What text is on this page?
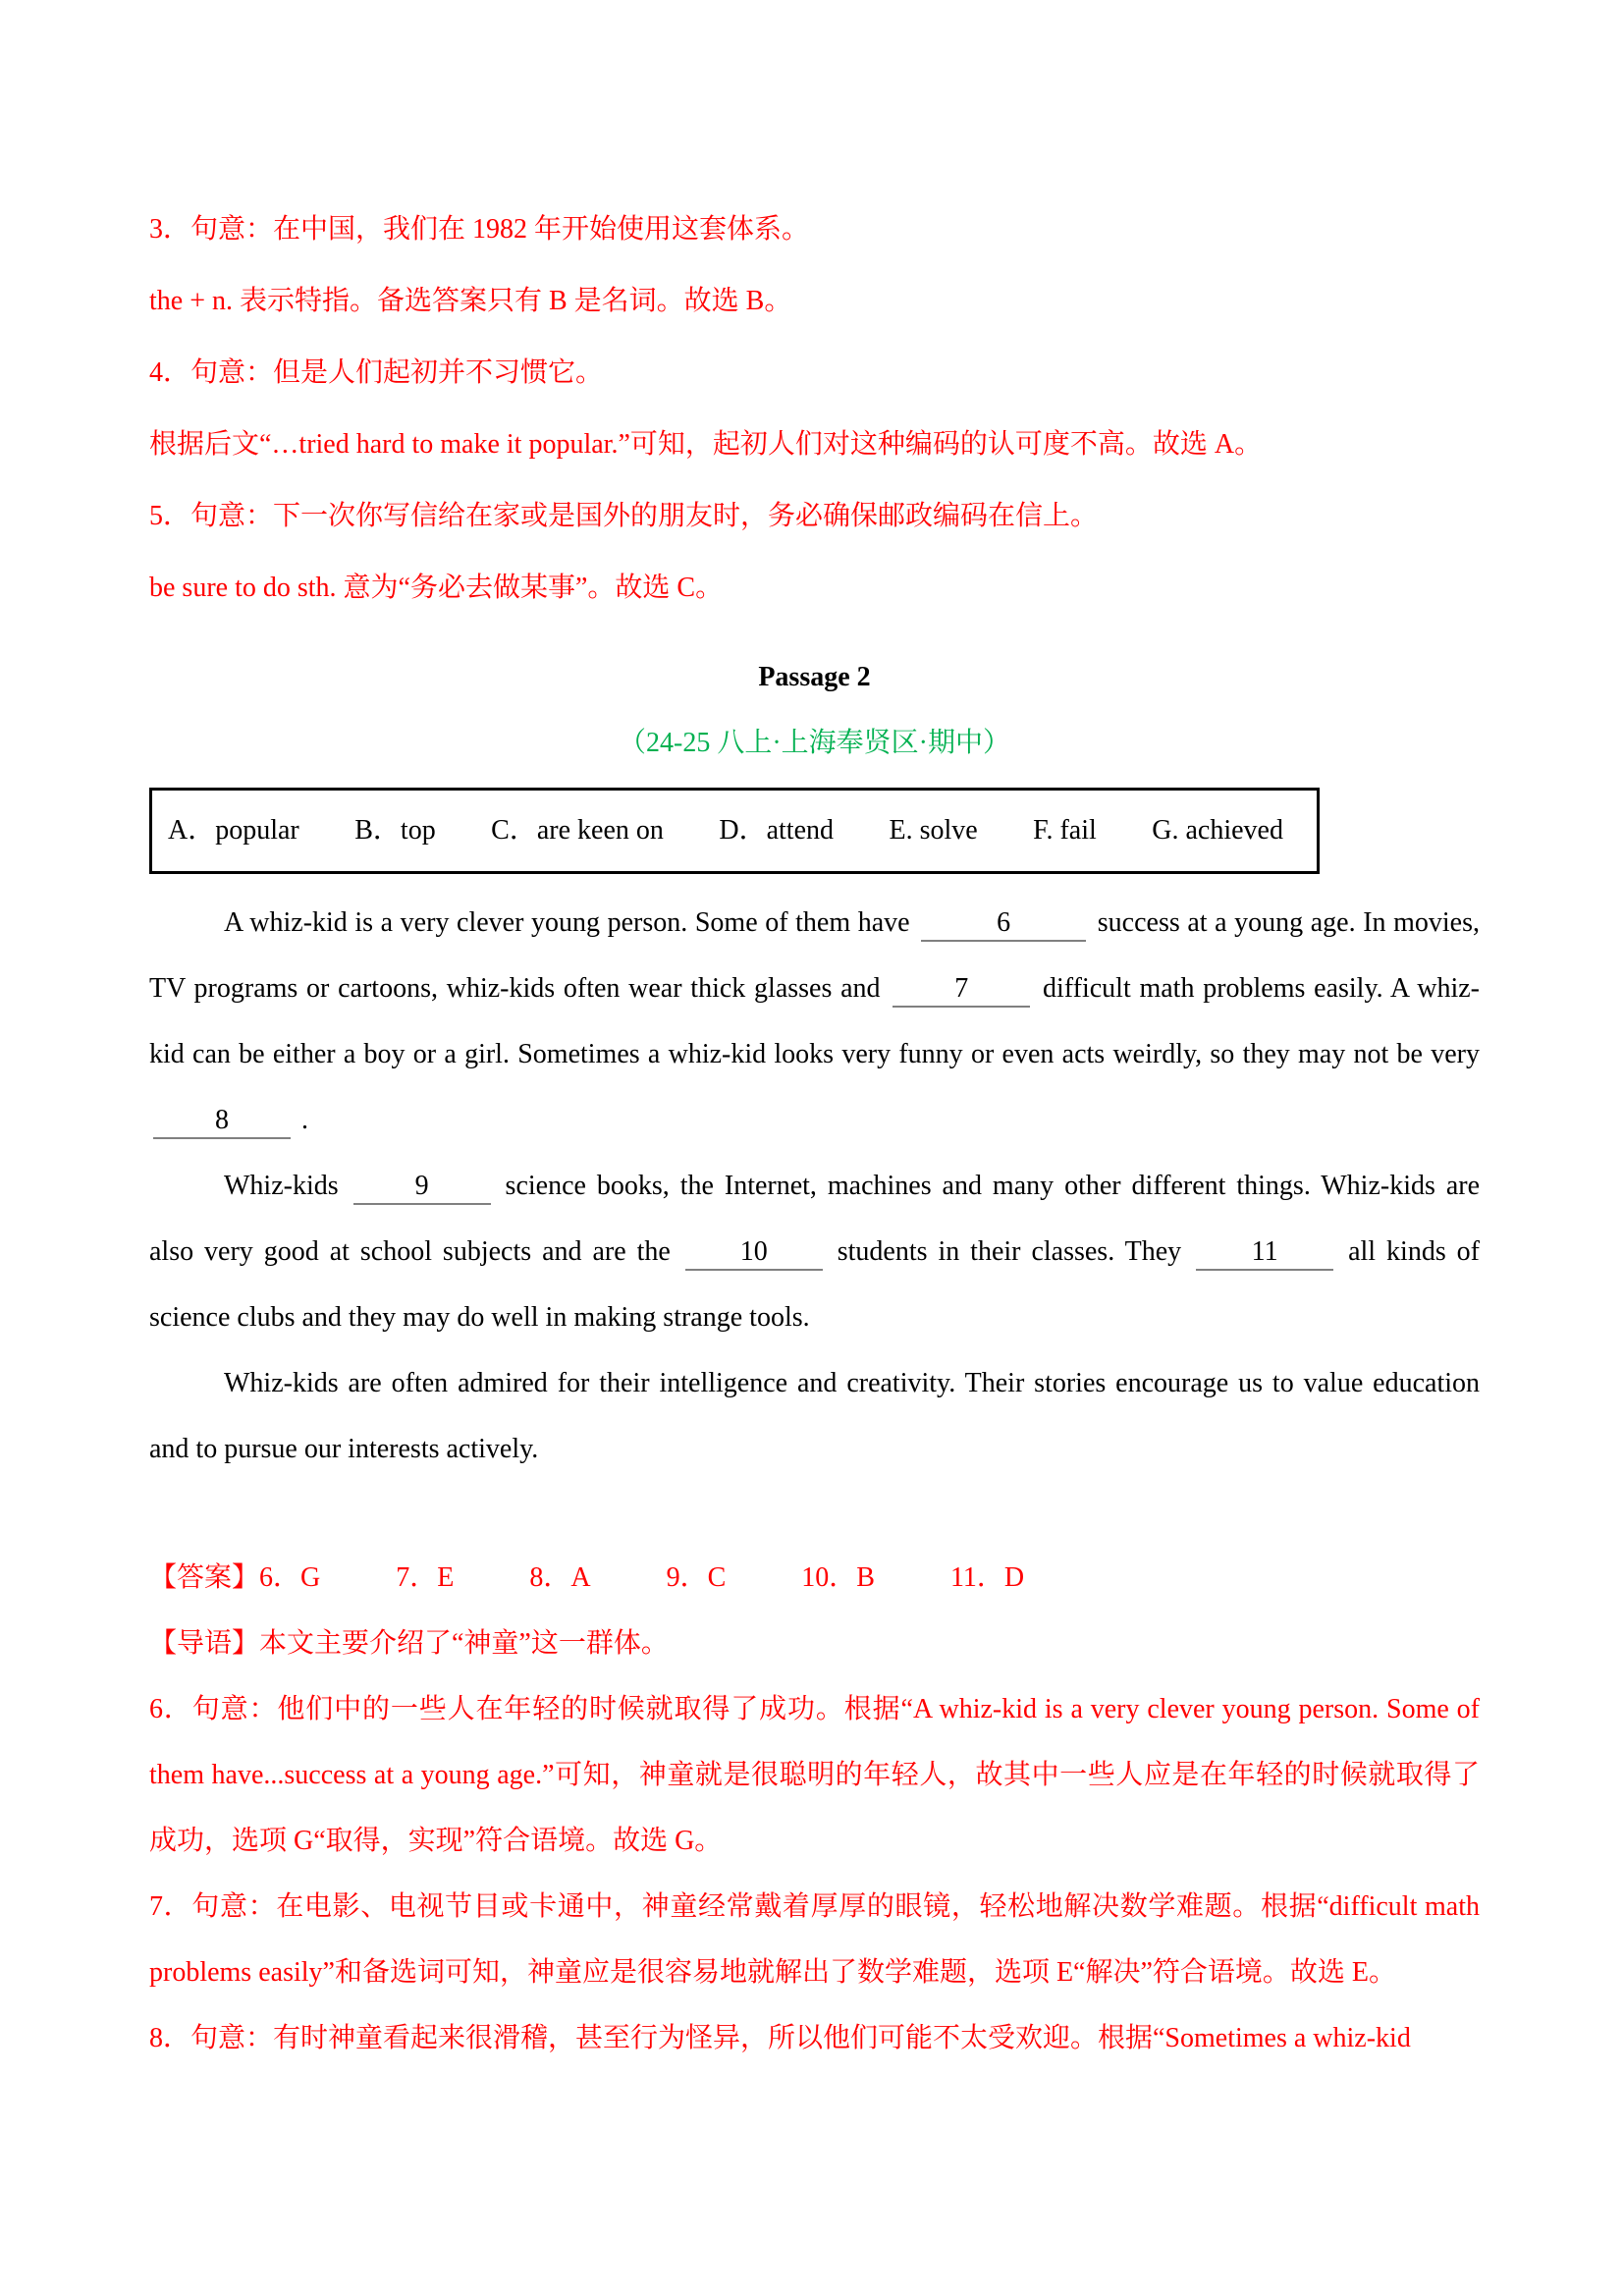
3．句意：在中国，我们在 1982 年开始使用这套体系。

the + n. 表示特指。备选答案只有 B 是名词。故选 B。

4．句意：但是人们起初并不习惯它。

根据后文“…tried hard to make it popular.”可知，起初人们对这种编码的认可度不高。故选 A。

5．句意：下一次你写信给在家或是国外的朋友时，务必确保邮政编码在信上。

be sure to do sth. 意为“务必去做某事”。故选 C。

Passage 2

（24-25 八上·上海奉贤区·期中）

A．popular B．top C．are keen on D．attend E. solve F. fail G. achieved

A whiz-kid is a very clever young person. Some of them have	6	success at a young age. In movies, TV programs or cartoons, whiz-kids often wear thick glasses and	7	difficult math problems easily. A whiz-kid can be either a boy or a girl. Sometimes a whiz-kid looks very funny or even acts weirdly, so they may not be very 8	.

Whiz-kids	9	science books, the Internet, machines and many other different things. Whiz-kids are also very good at school subjects and are the	10	students in their classes. They	11	all kinds of science clubs and they may do well in making strange tools.

Whiz-kids are often admired for their intelligence and creativity. Their stories encourage us to value education and to pursue our interests actively.

【答案】6．G	7．E	8．A	9．C	10．B	11．D

【导语】本文主要介绍了“神童”这一群体。

6．句意：他们中的一些人在年轻的时候就取得了成功。根据“A whiz-kid is a very clever young person. Some of them have...success at a young age.”可知，神童就是很聪明的年轻人，故其中一些人应是在年轻的时候就取得了成功，选项 G“取得，实现”符合语境。故选 G。

7．句意：在电影、电视节目或卡通中，神童经常戴着厚厚的眼镜，轻松地解决数学难题。根据“difficult math problems easily”和备选词可知，神童应是很容易地就解出了数学难题，选项 E“解决”符合语境。故选 E。

8．句意：有时神童看起来很滑稽，甚至行为怪异，所以他们可能不太受欢迎。根据“Sometimes a whiz-kid
